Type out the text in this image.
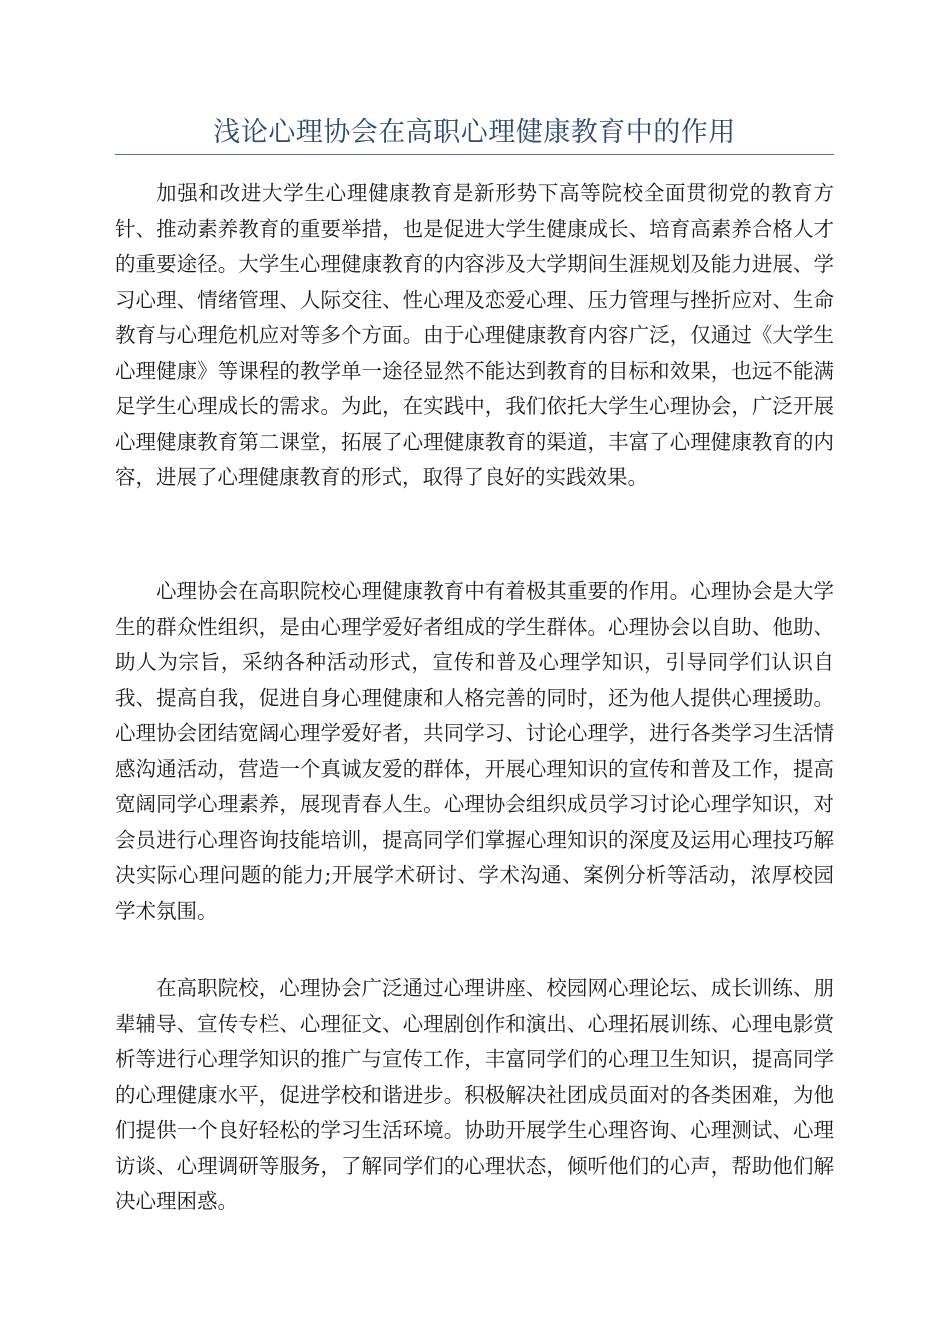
浅论心理协会在高职心理健康教育中的作用

加强和改进大学生心理健康教育是新形势下高等院校全面贯彻党的教育方针、推动素养教育的重要举措，也是促进大学生健康成长、培育高素养合格人才的重要途径。大学生心理健康教育的内容涉及大学期间生涯规划及能力进展、学习心理、情绪管理、人际交往、性心理及恋爱心理、压力管理与挫折应对、生命教育与心理危机应对等多个方面。由于心理健康教育内容广泛，仅通过《大学生心理健康》等课程的教学单一途径显然不能达到教育的目标和效果，也远不能满足学生心理成长的需求。为此，在实践中，我们依托大学生心理协会，广泛开展心理健康教育第二课堂，拓展了心理健康教育的渠道，丰富了心理健康教育的内容，进展了心理健康教育的形式，取得了良好的实践效果。

心理协会在高职院校心理健康教育中有着极其重要的作用。心理协会是大学生的群众性组织，是由心理学爱好者组成的学生群体。心理协会以自助、他助、助人为宗旨，采纳各种活动形式，宣传和普及心理学知识，引导同学们认识自我、提高自我，促进自身心理健康和人格完善的同时，还为他人提供心理援助。心理协会团结宽阔心理学爱好者，共同学习、讨论心理学，进行各类学习生活情感沟通活动，营造一个真诚友爱的群体，开展心理知识的宣传和普及工作，提高宽阔同学心理素养，展现青春人生。心理协会组织成员学习讨论心理学知识，对会员进行心理咨询技能培训，提高同学们掌握心理知识的深度及运用心理技巧解决实际心理问题的能力;开展学术研讨、学术沟通、案例分析等活动，浓厚校园学术氛围。

在高职院校，心理协会广泛通过心理讲座、校园网心理论坛、成长训练、朋辈辅导、宣传专栏、心理征文、心理剧创作和演出、心理拓展训练、心理电影赏析等进行心理学知识的推广与宣传工作，丰富同学们的心理卫生知识，提高同学的心理健康水平，促进学校和谐进步。积极解决社团成员面对的各类困难，为他们提供一个良好轻松的学习生活环境。协助开展学生心理咨询、心理测试、心理访谈、心理调研等服务，了解同学们的心理状态，倾听他们的心声，帮助他们解决心理困惑。
